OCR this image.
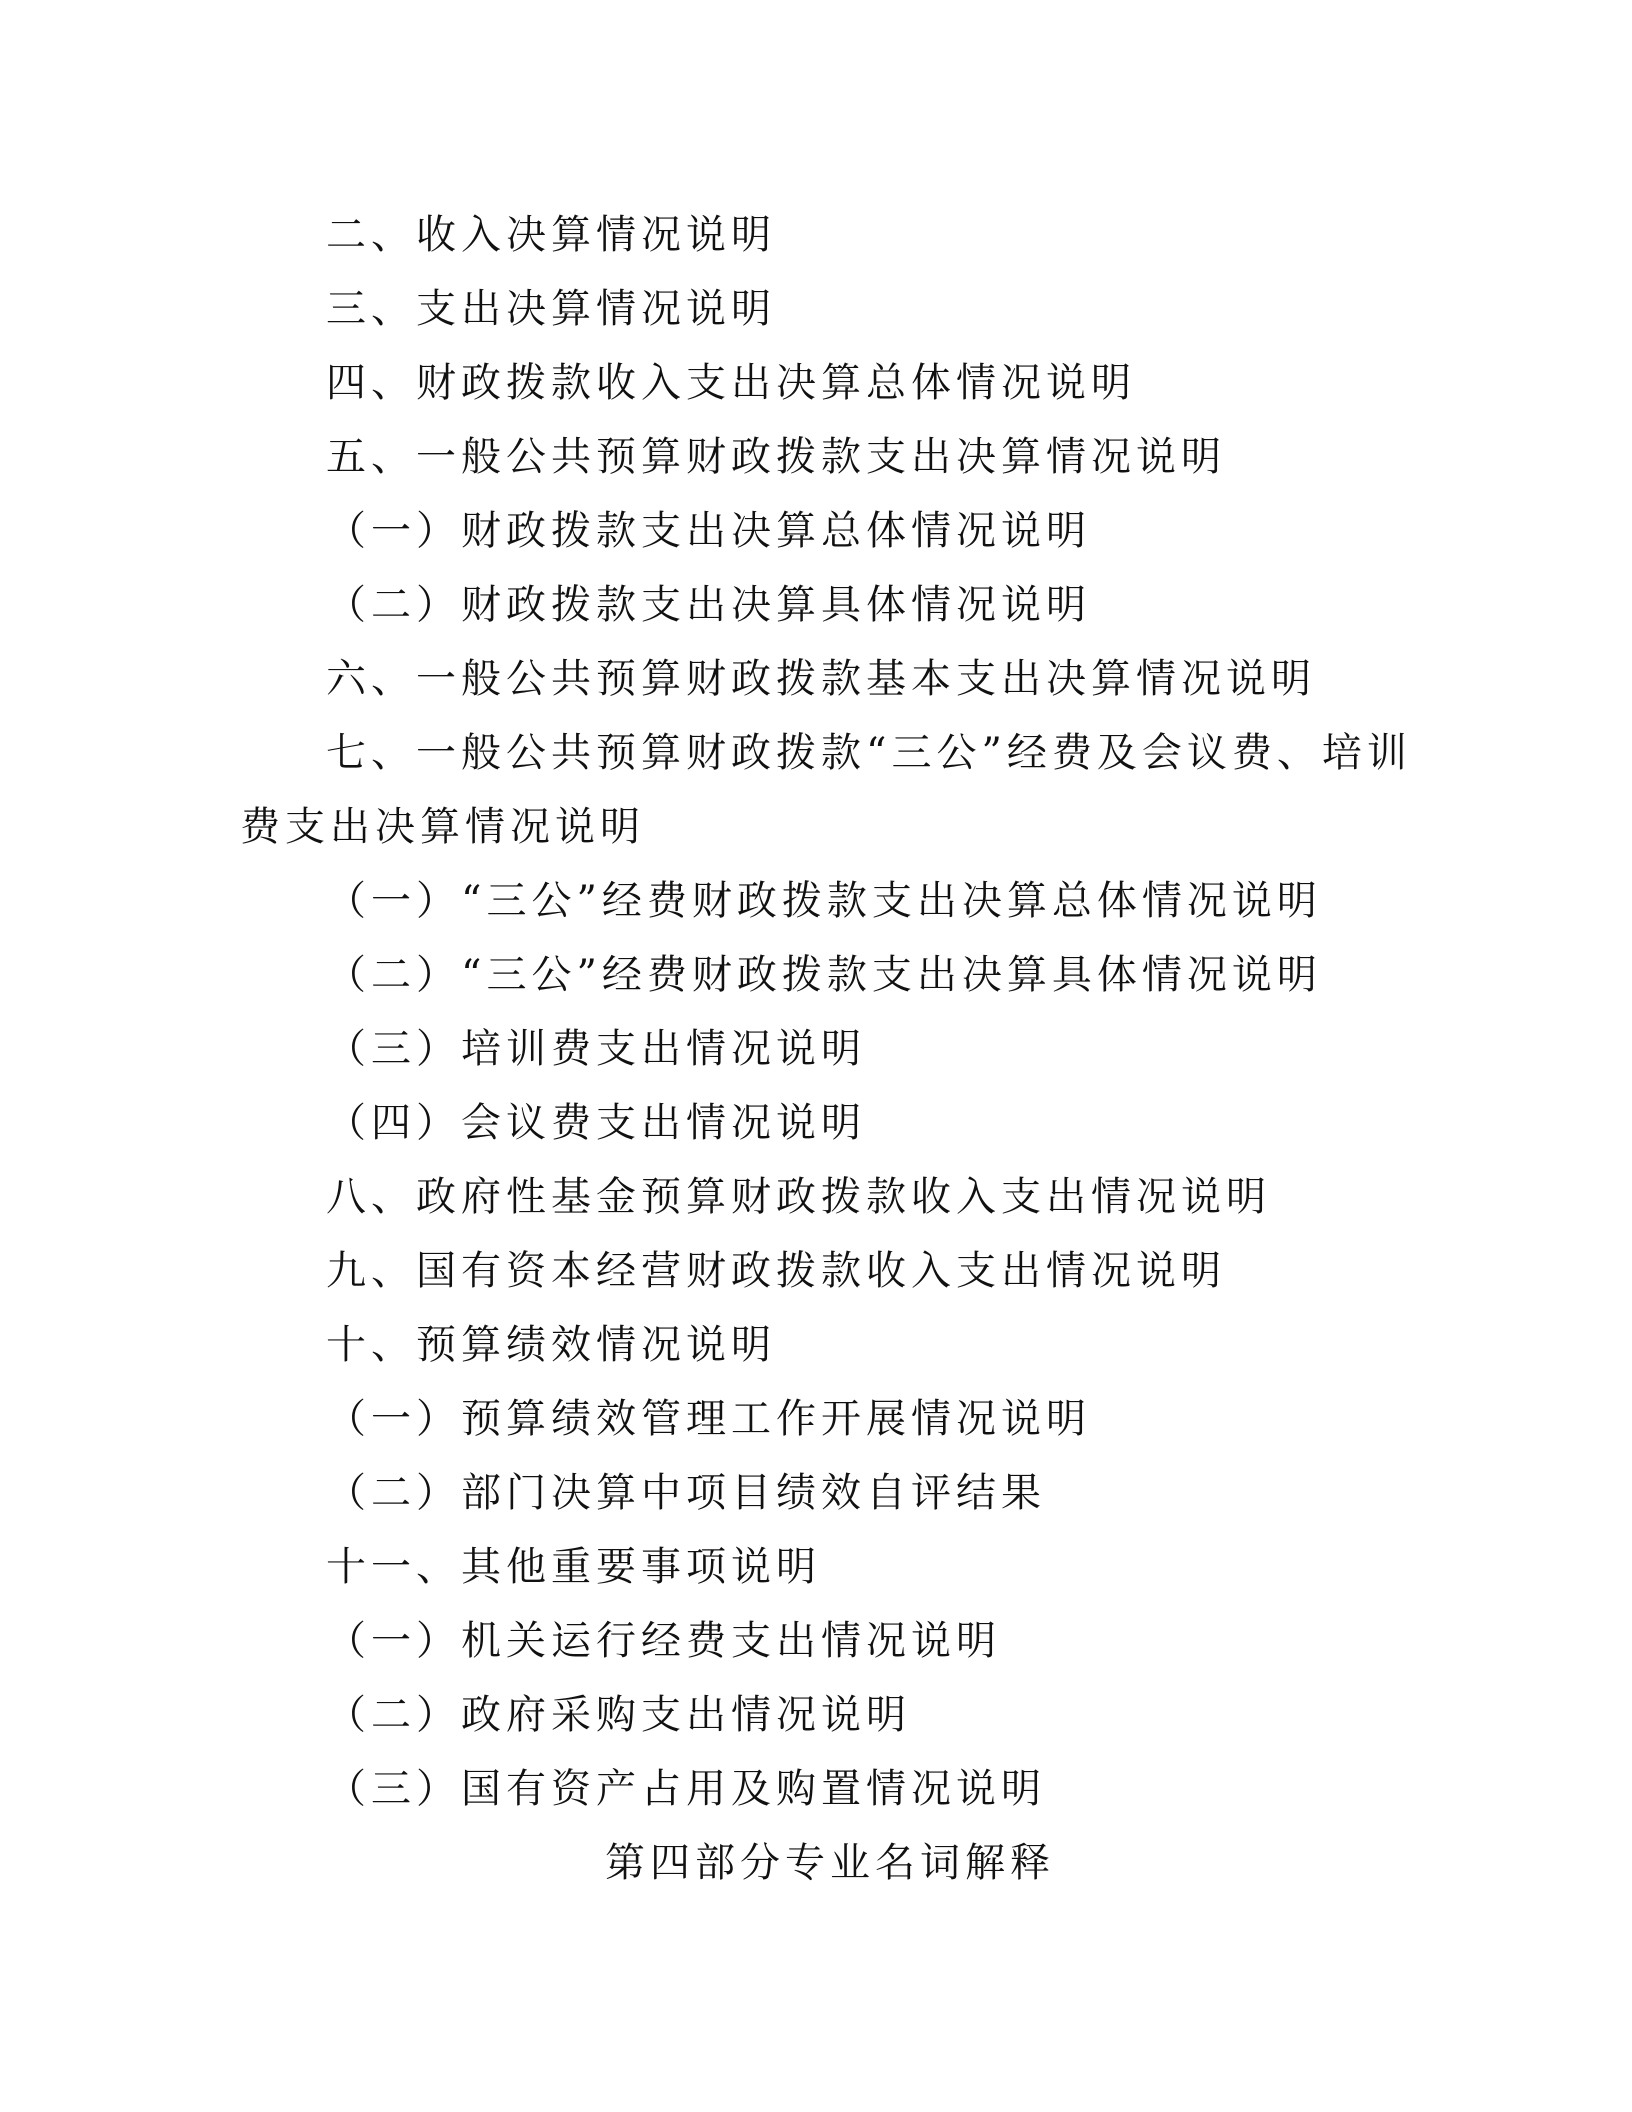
二、收入决算情况说明
三、支出决算情况说明
四、财政拨款收入支出决算总体情况说明
五、一般公共预算财政拨款支出决算情况说明
（一）财政拨款支出决算总体情况说明
（二）财政拨款支出决算具体情况说明
六、一般公共预算财政拨款基本支出决算情况说明
七、一般公共预算财政拨款“三公”经费及会议费、培训
费支出决算情况说明
（一）“三公”经费财政拨款支出决算总体情况说明
（二）“三公”经费财政拨款支出决算具体情况说明
（三）培训费支出情况说明
（四）会议费支出情况说明
八、政府性基金预算财政拨款收入支出情况说明
九、国有资本经营财政拨款收入支出情况说明
十、预算绩效情况说明
（一）预算绩效管理工作开展情况说明
（二）部门决算中项目绩效自评结果
十一、其他重要事项说明
（一）机关运行经费支出情况说明
（二）政府采购支出情况说明
（三）国有资产占用及购置情况说明
第四部分专业名词解释
